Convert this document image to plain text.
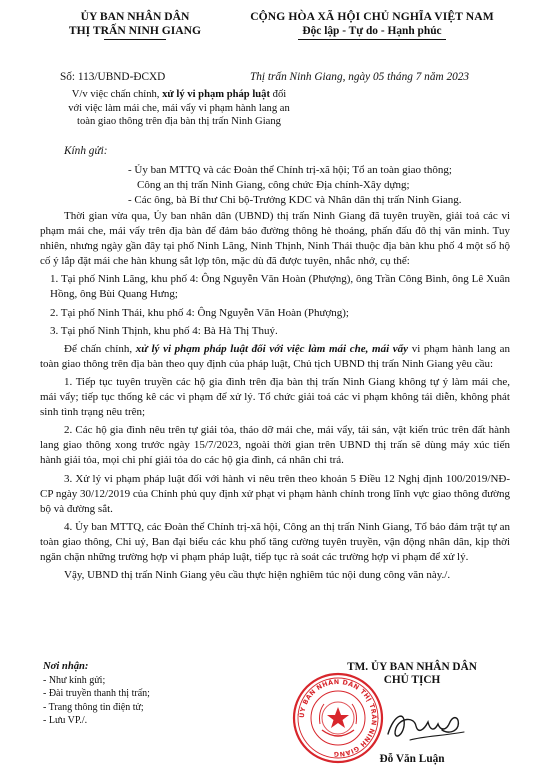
ỦY BAN NHÂN DÂN
THỊ TRẤN NINH GIANG
CỘNG HÒA XÃ HỘI CHỦ NGHĨA VIỆT NAM
Độc lập - Tự do - Hạnh phúc
Số: 113/UBND-ĐCXD	Thị trấn Ninh Giang, ngày 05 tháng 7 năm 2023
V/v việc chấn chỉnh, xử lý vi phạm pháp luật đối với việc làm mái che, mái vẩy vi phạm hành lang an toàn giao thông trên địa bàn thị trấn Ninh Giang
Kính gửi:
- Ủy ban MTTQ và các Đoàn thể Chính trị-xã hội; Tổ an toàn giao thông;
Công an thị trấn Ninh Giang, công chức Địa chính-Xây dựng;
- Các ông, bà Bí thư Chi bộ-Trưởng KDC và Nhân dân thị trấn Ninh Giang.

Thời gian vừa qua, Ủy ban nhân dân (UBND) thị trấn Ninh Giang đã tuyên truyền, giải toả các vi phạm mái che, mái vẩy trên địa bàn để đảm bảo đường thông hè thoáng, phấn đấu đô thị văn minh. Tuy nhiên, nhưng ngày gần đây tại phố Ninh Lãng, Ninh Thịnh, Ninh Thái thuộc địa bàn khu phố 4 một số hộ cố ý lắp đặt mái che hàn khung sắt lợp tôn, mặc dù đã được tuyên, nhắc nhở, cụ thể:

1. Tại phố Ninh Lãng, khu phố 4: Ông Nguyễn Văn Hoàn (Phượng), ông Trần Công Bình, ông Lê Xuân Hồng, ông Bùi Quang Hưng;

2. Tại phố Ninh Thái, khu phố 4: Ông Nguyễn Văn Hoàn (Phượng);

3. Tại phố Ninh Thịnh, khu phố 4: Bà Hà Thị Thuý.

Để chấn chỉnh, xử lý vi phạm pháp luật đối với việc làm mái che, mái vẩy vi phạm hành lang an toàn giao thông trên địa bàn theo quy định của pháp luật, Chủ tịch UBND thị trấn Ninh Giang yêu cầu:

1. Tiếp tục tuyên truyền các hộ gia đình trên địa bàn thị trấn Ninh Giang không tự ý làm mái che, mái vẩy; tiếp tục thống kê các vi phạm để xử lý. Tổ chức giải toả các vi phạm không tái diễn, không phát sinh tình trạng nêu trên;

2. Các hộ gia đình nêu trên tự giải tỏa, tháo dỡ mái che, mái vẩy, tải sản, vật kiến trúc trên đất hành lang giao thông xong trước ngày 15/7/2023, ngoài thời gian trên UBND thị trấn sẽ dùng máy xúc tiến hành giải tỏa, mọi chi phí giải tỏa do các hộ gia đình, cá nhân chi trả.

3. Xử lý vi phạm pháp luật đối với hành vi nêu trên theo khoản 5 Điều 12 Nghị định 100/2019/NĐ-CP ngày 30/12/2019 của Chính phủ quy định xử phạt vi phạm hành chính trong lĩnh vực giao thông đường bộ và đường sắt.

4. Ủy ban MTTQ, các Đoàn thể Chính trị-xã hội, Công an thị trấn Ninh Giang, Tổ bảo đảm trật tự an toàn giao thông, Chi uỷ, Ban đại biểu các khu phố tăng cường tuyên truyền, vận động nhân dân, kịp thời ngăn chặn những trường hợp vi phạm pháp luật, tiếp tục rà soát các trường hợp vi phạm để xử lý.

Vậy, UBND thị trấn Ninh Giang yêu cầu thực hiện nghiêm túc nội dung công văn này./.

Nơi nhận:
- Như kính gửi;
- Đài truyền thanh thị trấn;
- Trang thông tin điện tử;
- Lưu VP./.	ỦY BAN NHÂN DÂN THỊ TRẤN NINH GIANG
TM. ỦY BAN NHÂN DÂN
CHỦ TỊCH
Đỗ Văn Luận
